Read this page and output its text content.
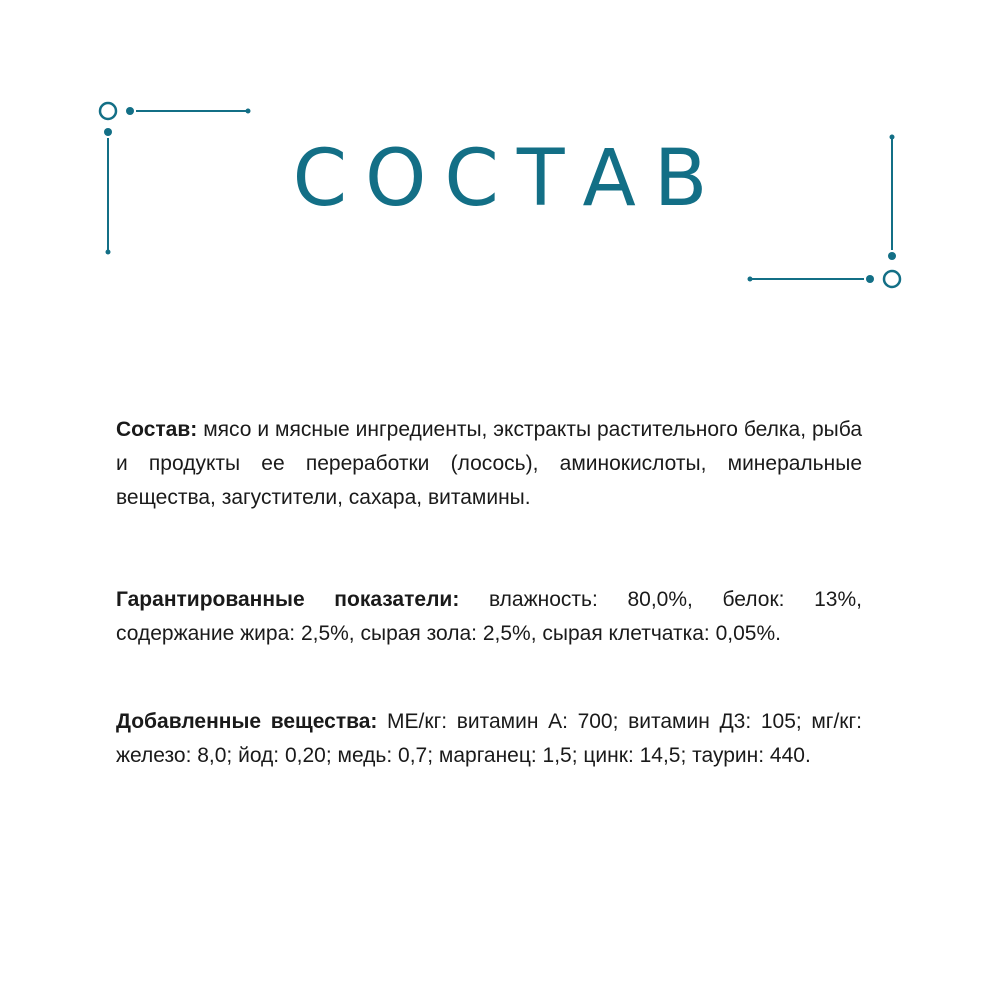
СОСТАВ
Состав: мясо и мясные ингредиенты, экстракты растительного белка, рыба и продукты ее переработки (лосось), аминокислоты, минеральные вещества, загустители, сахара, витамины.
Гарантированные показатели: влажность: 80,0%, белок: 13%, содержание жира: 2,5%, сырая зола: 2,5%, сырая клетчатка: 0,05%.
Добавленные вещества: МЕ/кг: витамин А: 700; витамин Д3: 105; мг/кг: железо: 8,0; йод: 0,20; медь: 0,7; марганец: 1,5; цинк: 14,5; таурин: 440.
